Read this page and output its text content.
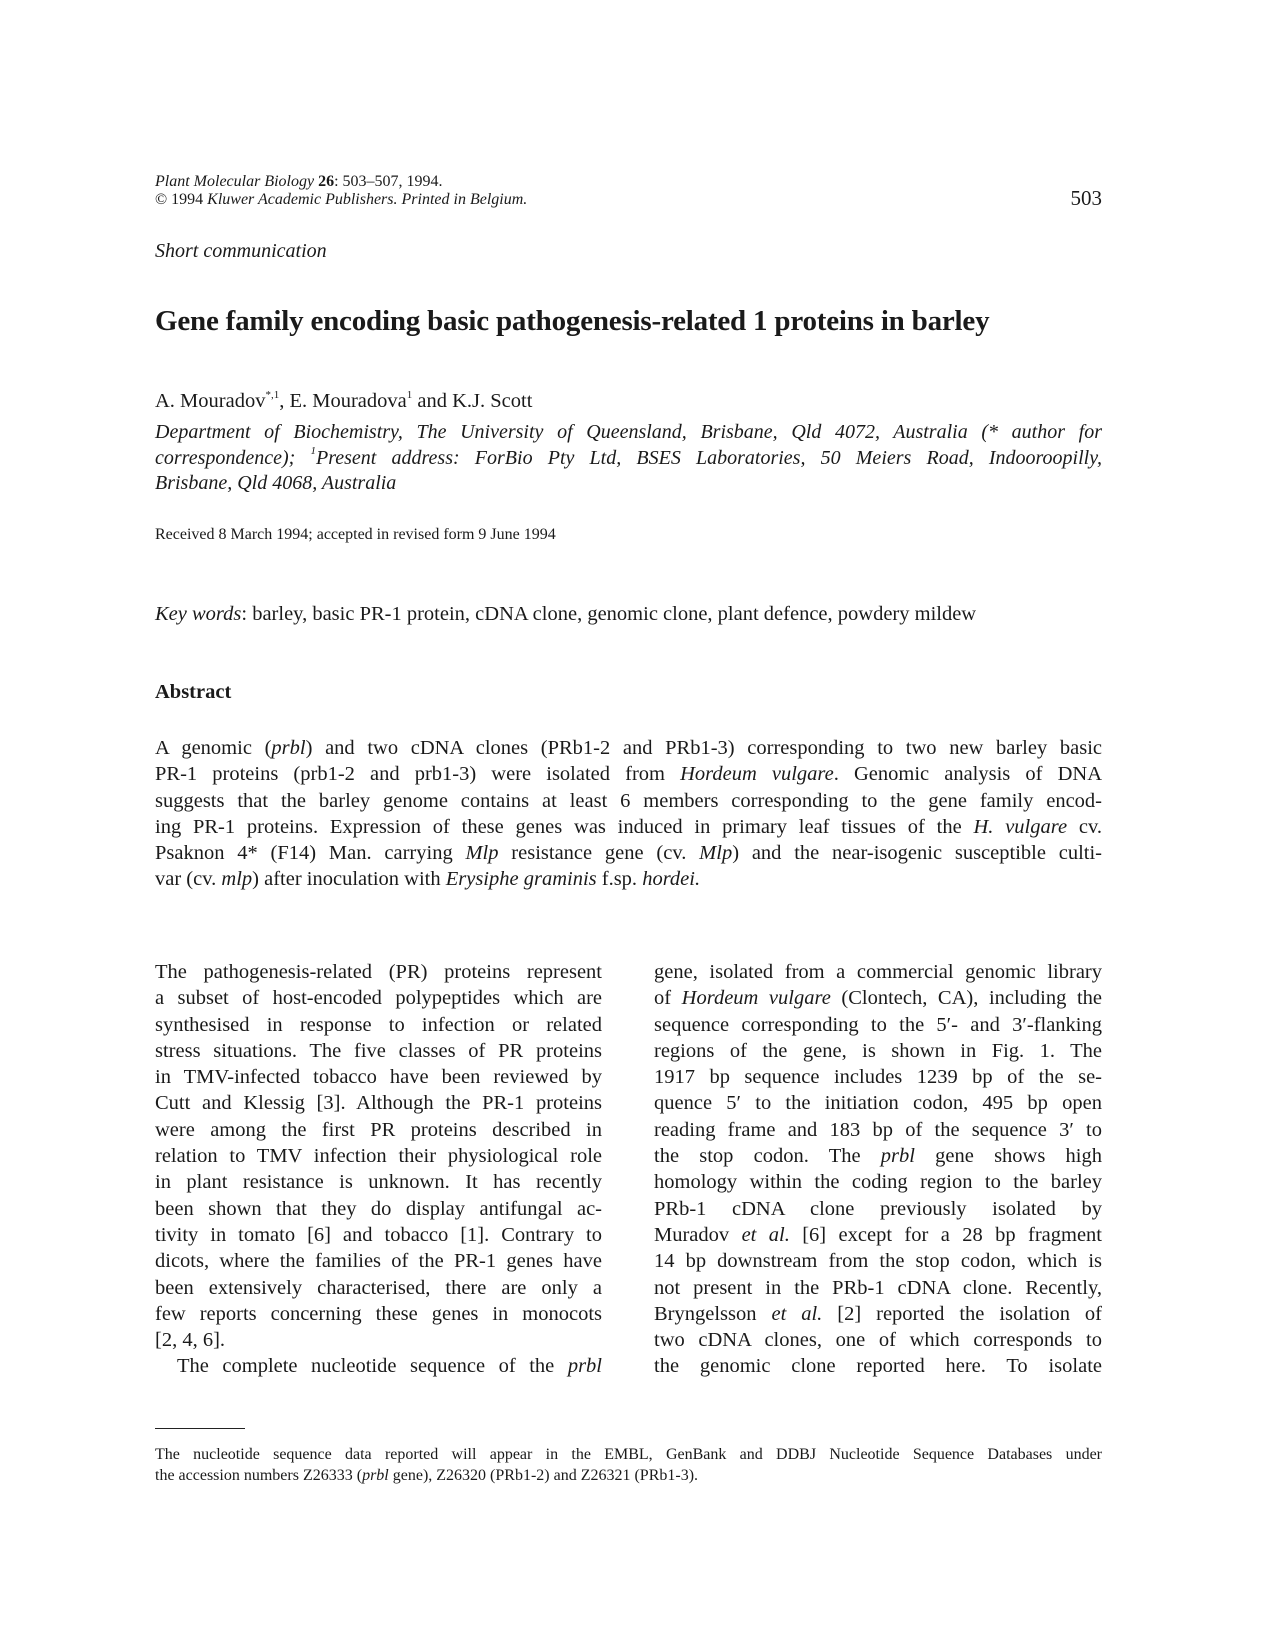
Plant Molecular Biology 26: 503–507, 1994.
© 1994 Kluwer Academic Publishers. Printed in Belgium.	503
Short communication
Gene family encoding basic pathogenesis-related 1 proteins in barley
A. Mouradov$^{*,1}$, E. Mouradova$^1$ and K.J. Scott
Department of Biochemistry, The University of Queensland, Brisbane, Qld 4072, Australia (* author for
correspondence); $^1$Present address: ForBio Pty Ltd, BSES Laboratories, 50 Meiers Road, Indooroopilly,
Brisbane, Qld 4068, Australia
Received 8 March 1994; accepted in revised form 9 June 1994
Key words: barley, basic PR-1 protein, cDNA clone, genomic clone, plant defence, powdery mildew
Abstract
A genomic (prbl) and two cDNA clones (PRb1-2 and PRb1-3) corresponding to two new barley basic
PR-1 proteins (prb1-2 and prb1-3) were isolated from Hordeum vulgare. Genomic analysis of DNA
suggests that the barley genome contains at least 6 members corresponding to the gene family encod-
ing PR-1 proteins. Expression of these genes was induced in primary leaf tissues of the H. vulgare cv.
Psaknon 4* (F14) Man. carrying Mlp resistance gene (cv. Mlp) and the near-isogenic susceptible culti-
var (cv. mlp) after inoculation with Erysiphe graminis f.sp. hordei.
The pathogenesis-related (PR) proteins represent
a subset of host-encoded polypeptides which are
synthesised in response to infection or related
stress situations. The five classes of PR proteins
in TMV-infected tobacco have been reviewed by
Cutt and Klessig [3]. Although the PR-1 proteins
were among the first PR proteins described in
relation to TMV infection their physiological role
in plant resistance is unknown. It has recently
been shown that they do display antifungal ac-
tivity in tomato [6] and tobacco [1]. Contrary to
dicots, where the families of the PR-1 genes have
been extensively characterised, there are only a
few reports concerning these genes in monocots
[2, 4, 6].
The complete nucleotide sequence of the prbl
gene, isolated from a commercial genomic library
of Hordeum vulgare (Clontech, CA), including the
sequence corresponding to the 5′- and 3′-flanking
regions of the gene, is shown in Fig. 1. The
1917 bp sequence includes 1239 bp of the se-
quence 5′ to the initiation codon, 495 bp open
reading frame and 183 bp of the sequence 3′ to
the stop codon. The prbl gene shows high
homology within the coding region to the barley
PRb-1 cDNA clone previously isolated by
Muradov et al. [6] except for a 28 bp fragment
14 bp downstream from the stop codon, which is
not present in the PRb-1 cDNA clone. Recently,
Bryngelsson et al. [2] reported the isolation of
two cDNA clones, one of which corresponds to
the genomic clone reported here. To isolate
The nucleotide sequence data reported will appear in the EMBL, GenBank and DDBJ Nucleotide Sequence Databases under
the accession numbers Z26333 (prbl gene), Z26320 (PRb1-2) and Z26321 (PRb1-3).
